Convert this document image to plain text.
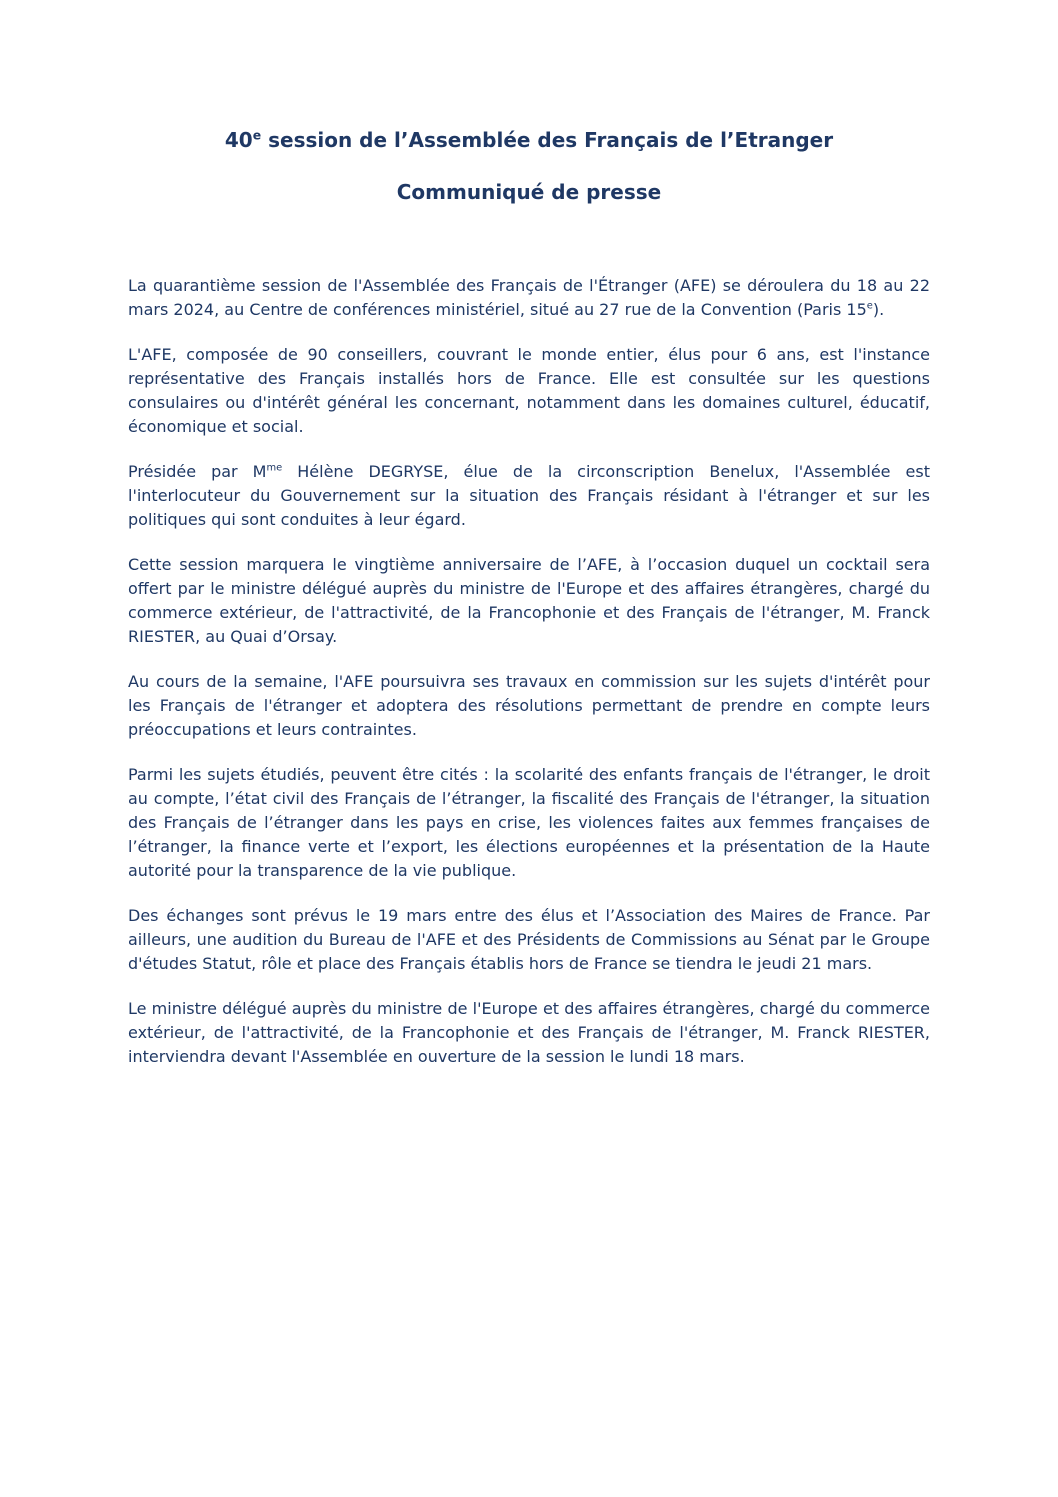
40e session de l’Assemblée des Français de l’Etranger
Communiqué de presse

La quarantième session de l'Assemblée des Français de l'Étranger (AFE) se déroulera du 18 au 22 mars 2024, au Centre de conférences ministériel, situé au 27 rue de la Convention (Paris 15e).

L'AFE, composée de 90 conseillers, couvrant le monde entier, élus pour 6 ans, est l'instance représentative des Français installés hors de France. Elle est consultée sur les questions consulaires ou d'intérêt général les concernant, notamment dans les domaines culturel, éducatif, économique et social.

Présidée par $M^{me}$ Hélène DEGRYSE, élue de la circonscription Benelux, l'Assemblée est l'interlocuteur du Gouvernement sur la situation des Français résidant à l'étranger et sur les politiques qui sont conduites à leur égard.

Cette session marquera le vingtième anniversaire de l’AFE, à l’occasion duquel un cocktail sera offert par le ministre délégué auprès du ministre de l'Europe et des affaires étrangères, chargé du commerce extérieur, de l'attractivité, de la Francophonie et des Français de l'étranger, M. Franck RIESTER, au Quai d’Orsay.

Au cours de la semaine, l'AFE poursuivra ses travaux en commission sur les sujets d'intérêt pour les Français de l'étranger et adoptera des résolutions permettant de prendre en compte leurs préoccupations et leurs contraintes.

Parmi les sujets étudiés, peuvent être cités : la scolarité des enfants français de l'étranger, le droit au compte, l’état civil des Français de l’étranger, la fiscalité des Français de l'étranger, la situation des Français de l’étranger dans les pays en crise, les violences faites aux femmes françaises de l’étranger, la finance verte et l’export, les élections européennes et la présentation de la Haute autorité pour la transparence de la vie publique.

Des échanges sont prévus le 19 mars entre des élus et l’Association des Maires de France. Par ailleurs, une audition du Bureau de l'AFE et des Présidents de Commissions au Sénat par le Groupe d'études Statut, rôle et place des Français établis hors de France se tiendra le jeudi 21 mars.

Le ministre délégué auprès du ministre de l'Europe et des affaires étrangères, chargé du commerce extérieur, de l'attractivité, de la Francophonie et des Français de l'étranger, M. Franck RIESTER, interviendra devant l'Assemblée en ouverture de la session le lundi 18 mars.
